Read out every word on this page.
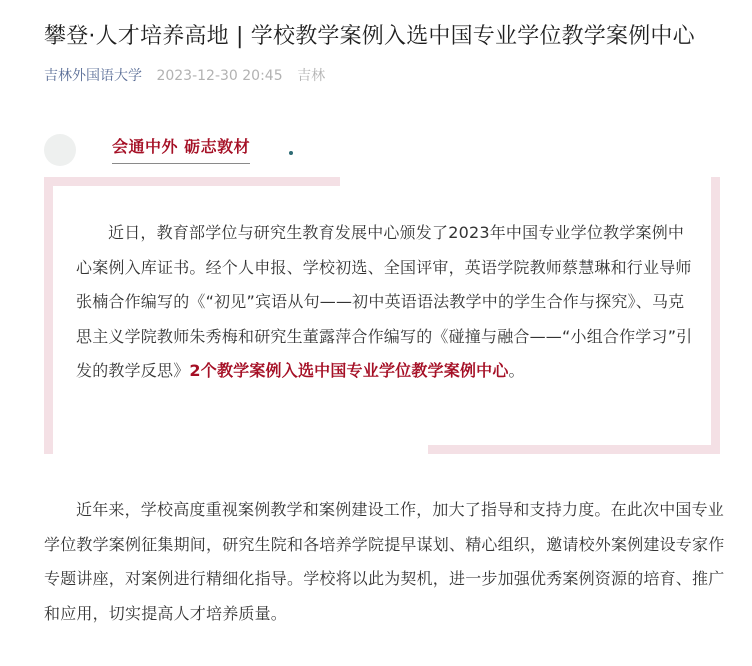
攀登·人才培养高地 | 学校教学案例入选中国专业学位教学案例中心
吉林外国语大学 2023-12-30 20:45 吉林
会通中外 砺志敦材

近日，教育部学位与研究生教育发展中心颁发了2023年中国专业学位教学案例中心案例入库证书。经个人申报、学校初选、全国评审，英语学院教师蔡慧琳和行业导师张楠合作编写的《“初见”宾语从句——初中英语语法教学中的学生合作与探究》、马克思主义学院教师朱秀梅和研究生董露萍合作编写的《碰撞与融合——“小组合作学习”引发的教学反思》2个教学案例入选中国专业学位教学案例中心。

近年来，学校高度重视案例教学和案例建设工作，加大了指导和支持力度。在此次中国专业学位教学案例征集期间，研究生院和各培养学院提早谋划、精心组织，邀请校外案例建设专家作专题讲座，对案例进行精细化指导。学校将以此为契机，进一步加强优秀案例资源的培育、推广和应用，切实提高人才培养质量。
